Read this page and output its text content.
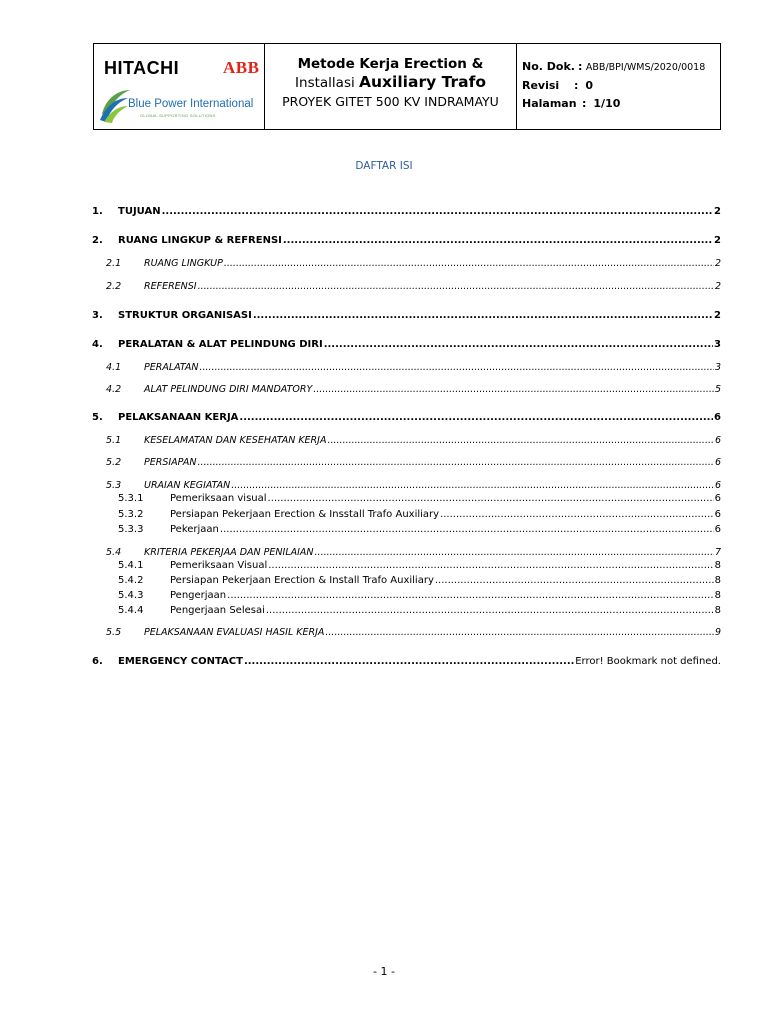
HITACHI	ABB
Blue Power International
GLOBAL SUPPORTING SOLUTIONS
Metode Kerja Erection &
Installasi Auxiliary Trafo
PROYEK GITET 500 KV INDRAMAYU
No. Dok. : ABB/BPI/WMS/2020/0018
Revisi : 0
Halaman : 1/10
DAFTAR ISI
1.	TUJUAN .....	2
2.	RUANG LINGKUP & REFRENSI .....	2
2.1	RUANG LINGKUP .....	2
2.2	REFERENSI .....	2
3.	STRUKTUR ORGANISASI .....	2
4.	PERALATAN & ALAT PELINDUNG DIRI .....	3
4.1	PERALATAN .....	3
4.2	ALAT PELINDUNG DIRI MANDATORY .....	5
5.	PELAKSANAAN KERJA .....	6
5.1	KESELAMATAN DAN KESEHATAN KERJA .....	6
5.2	PERSIAPAN .....	6
5.3	URAIAN KEGIATAN .....	6
5.3.1	Pemeriksaan visual .....	6
5.3.2	Persiapan Pekerjaan Erection & Insstall Trafo Auxiliary .....	6
5.3.3	Pekerjaan .....	6
5.4	KRITERIA PEKERJAA DAN PENILAIAN .....	7
5.4.1	Pemeriksaan Visual .....	8
5.4.2	Persiapan Pekerjaan Erection & Install Trafo Auxiliary .....	8
5.4.3	Pengerjaan .....	8
5.4.4	Pengerjaan Selesai .....	8
5.5	PELAKSANAAN EVALUASI HASIL KERJA .....	9
6.	EMERGENCY CONTACT .....	Error! Bookmark not defined.
- 1 -
